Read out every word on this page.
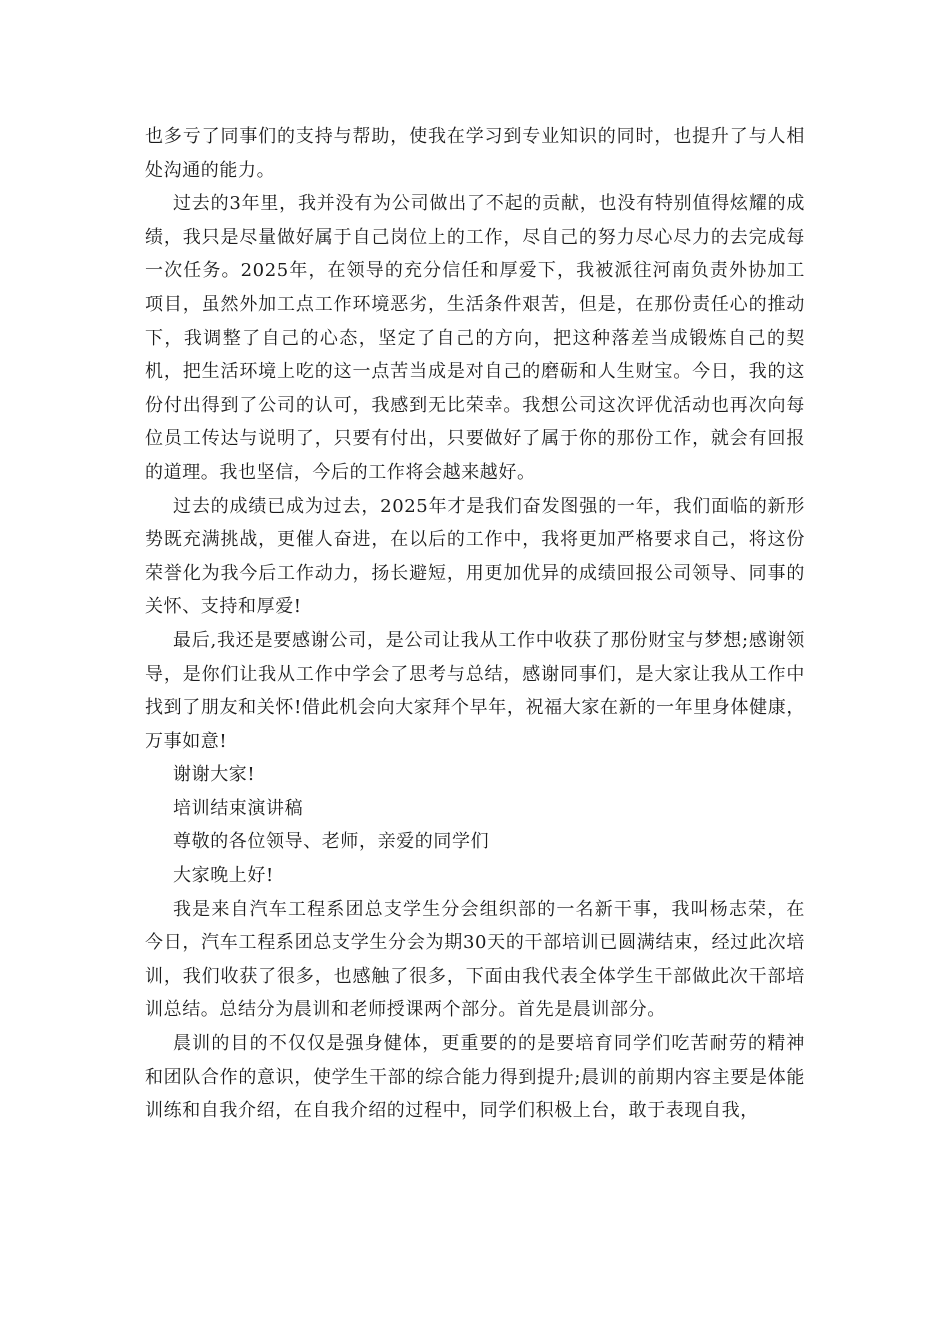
也多亏了同事们的支持与帮助，使我在学习到专业知识的同时，也提升了与人相处沟通的能力。

过去的3年里，我并没有为公司做出了不起的贡献，也没有特别值得炫耀的成绩，我只是尽量做好属于自己岗位上的工作，尽自己的努力尽心尽力的去完成每一次任务。2025年，在领导的充分信任和厚爱下，我被派往河南负责外协加工项目，虽然外加工点工作环境恶劣，生活条件艰苦，但是，在那份责任心的推动下，我调整了自己的心态，坚定了自己的方向，把这种落差当成锻炼自己的契机，把生活环境上吃的这一点苦当成是对自己的磨砺和人生财宝。今日，我的这份付出得到了公司的认可，我感到无比荣幸。我想公司这次评优活动也再次向每位员工传达与说明了，只要有付出，只要做好了属于你的那份工作，就会有回报的道理。我也坚信，今后的工作将会越来越好。

过去的成绩已成为过去，2025年才是我们奋发图强的一年，我们面临的新形势既充满挑战，更催人奋进，在以后的工作中，我将更加严格要求自己，将这份荣誉化为我今后工作动力，扬长避短，用更加优异的成绩回报公司领导、同事的关怀、支持和厚爱!

最后,我还是要感谢公司，是公司让我从工作中收获了那份财宝与梦想;感谢领导，是你们让我从工作中学会了思考与总结，感谢同事们，是大家让我从工作中找到了朋友和关怀!借此机会向大家拜个早年，祝福大家在新的一年里身体健康，万事如意!

谢谢大家!

培训结束演讲稿

尊敬的各位领导、老师，亲爱的同学们

大家晚上好!

我是来自汽车工程系团总支学生分会组织部的一名新干事，我叫杨志荣，在今日，汽车工程系团总支学生分会为期30天的干部培训已圆满结束，经过此次培训，我们收获了很多，也感触了很多，下面由我代表全体学生干部做此次干部培训总结。总结分为晨训和老师授课两个部分。首先是晨训部分。

晨训的目的不仅仅是强身健体，更重要的的是要培育同学们吃苦耐劳的精神和团队合作的意识，使学生干部的综合能力得到提升;晨训的前期内容主要是体能训练和自我介绍，在自我介绍的过程中，同学们积极上台，敢于表现自我，
